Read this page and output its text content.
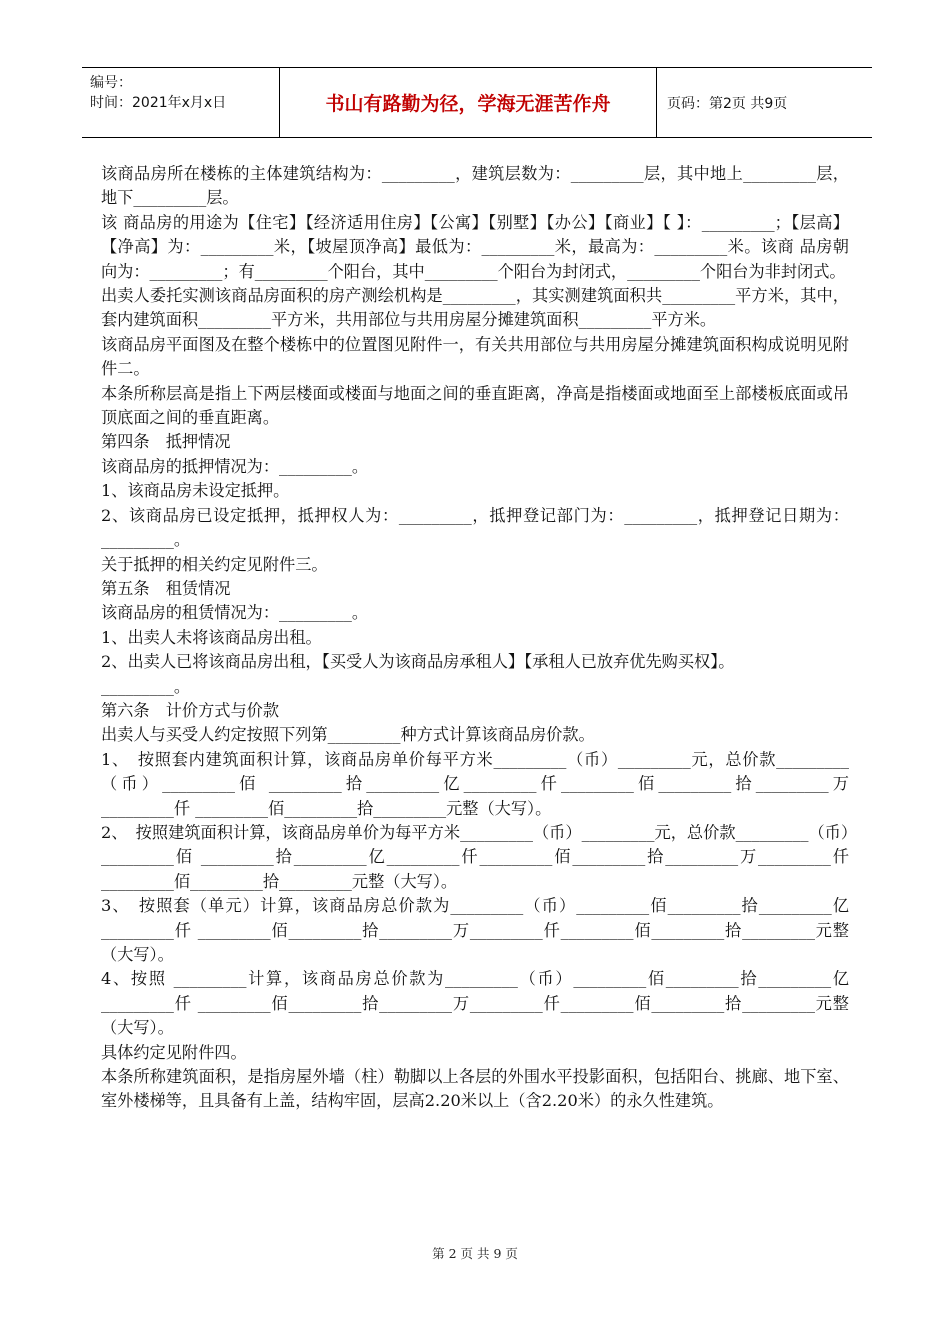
编号：
时间：2021年x月x日	书山有路勤为径，学海无涯苦作舟	页码：第2页 共9页

该商品房所在楼栋的主体建筑结构为：_________，建筑层数为：_________层，其中地上_________层，地下_________层。

该 商品房的用途为【住宅】【经济适用住房】【公寓】【别墅】【办公】【商业】【 】：_________；【层高】【净高】为：_________米，【坡屋顶净高】最低为：_________米，最高为：_________米。该商 品房朝向为：_________；有_________个阳台，其中_________个阳台为封闭式，_________个阳台为非封闭式。

出卖人委托实测该商品房面积的房产测绘机构是_________，其实测建筑面积共_________平方米，其中，套内建筑面积_________平方米，共用部位与共用房屋分摊建筑面积_________平方米。

该商品房平面图及在整个楼栋中的位置图见附件一，有关共用部位与共用房屋分摊建筑面积构成说明见附件二。

本条所称层高是指上下两层楼面或楼面与地面之间的垂直距离，净高是指楼面或地面至上部楼板底面或吊顶底面之间的垂直距离。

第四条　抵押情况

该商品房的抵押情况为：_________。

1、该商品房未设定抵押。

2、该商品房已设定抵押，抵押权人为：_________，抵押登记部门为：_________，抵押登记日期为：_________。

关于抵押的相关约定见附件三。

第五条　租赁情况

该商品房的租赁情况为：_________。

1、出卖人未将该商品房出租。

2、出卖人已将该商品房出租，【买受人为该商品房承租人】【承租人已放弃优先购买权】。

_________。

第六条　计价方式与价款

出卖人与买受人约定按照下列第_________种方式计算该商品房价款。

1、　按照套内建筑面积计算，该商品房单价每平方米_________（币）_________元，总价款_________（币）_________佰 _________拾_________亿_________仟_________佰_________拾_________万_________仟 _________佰_________拾_________元整（大写）。

2、　按照建筑面积计算，该商品房单价为每平方米_________（币）_________元，总价款_________（币）_________佰 _________拾_________亿_________仟_________佰_________拾_________万_________仟 _________佰_________拾_________元整（大写）。

3、　按照套（单元）计算，该商品房总价款为_________（币）_________佰_________拾_________亿_________仟 _________佰_________拾_________万_________仟_________佰_________拾_________元整　（大写）。

4、按照 _________计算，该商品房总价款为_________（币）_________佰_________拾_________亿_________仟 _________佰_________拾_________万_________仟_________佰_________拾_________元整　（大写）。

具体约定见附件四。

本条所称建筑面积，是指房屋外墙（柱）勒脚以上各层的外围水平投影面积，包括阳台、挑廊、地下室、室外楼梯等，且具备有上盖，结构牢固，层高2.20米以上（含2.20米）的永久性建筑。

第 2 页 共 9 页
